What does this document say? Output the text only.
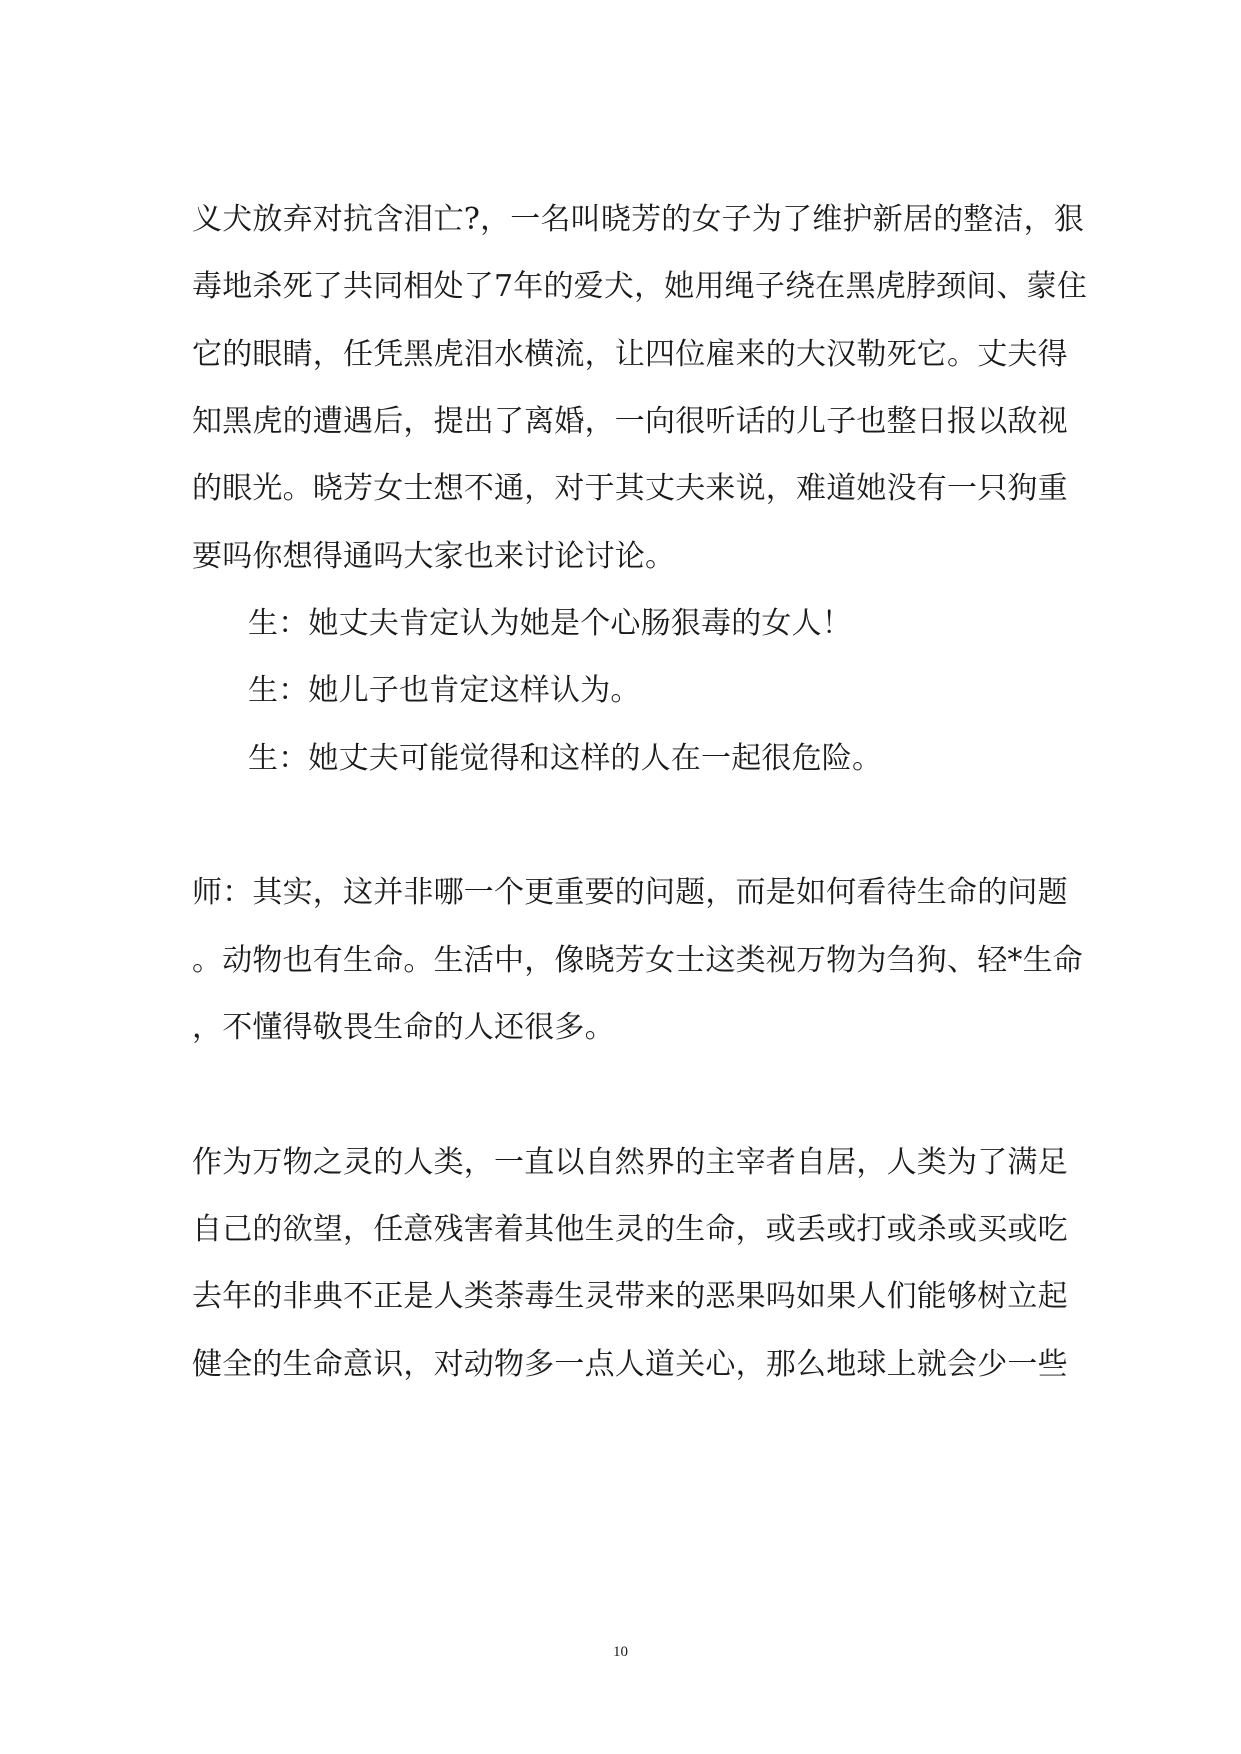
义犬放弃对抗含泪亡?，一名叫晓芳的女子为了维护新居的整洁，狠
毒地杀死了共同相处了7年的爱犬，她用绳子绕在黑虎脖颈间、蒙住
它的眼睛，任凭黑虎泪水横流，让四位雇来的大汉勒死它。丈夫得
知黑虎的遭遇后，提出了离婚，一向很听话的儿子也整日报以敌视
的眼光。晓芳女士想不通，对于其丈夫来说，难道她没有一只狗重
要吗你想得通吗大家也来讨论讨论。
生：她丈夫肯定认为她是个心肠狠毒的女人！
生：她儿子也肯定这样认为。
生：她丈夫可能觉得和这样的人在一起很危险。
师：其实，这并非哪一个更重要的问题，而是如何看待生命的问题
。动物也有生命。生活中，像晓芳女士这类视万物为刍狗、轻*生命
，不懂得敬畏生命的人还很多。
作为万物之灵的人类，一直以自然界的主宰者自居，人类为了满足
自己的欲望，任意残害着其他生灵的生命，或丢或打或杀或买或吃
去年的非典不正是人类荼毒生灵带来的恶果吗如果人们能够树立起
健全的生命意识，对动物多一点人道关心，那么地球上就会少一些
10
